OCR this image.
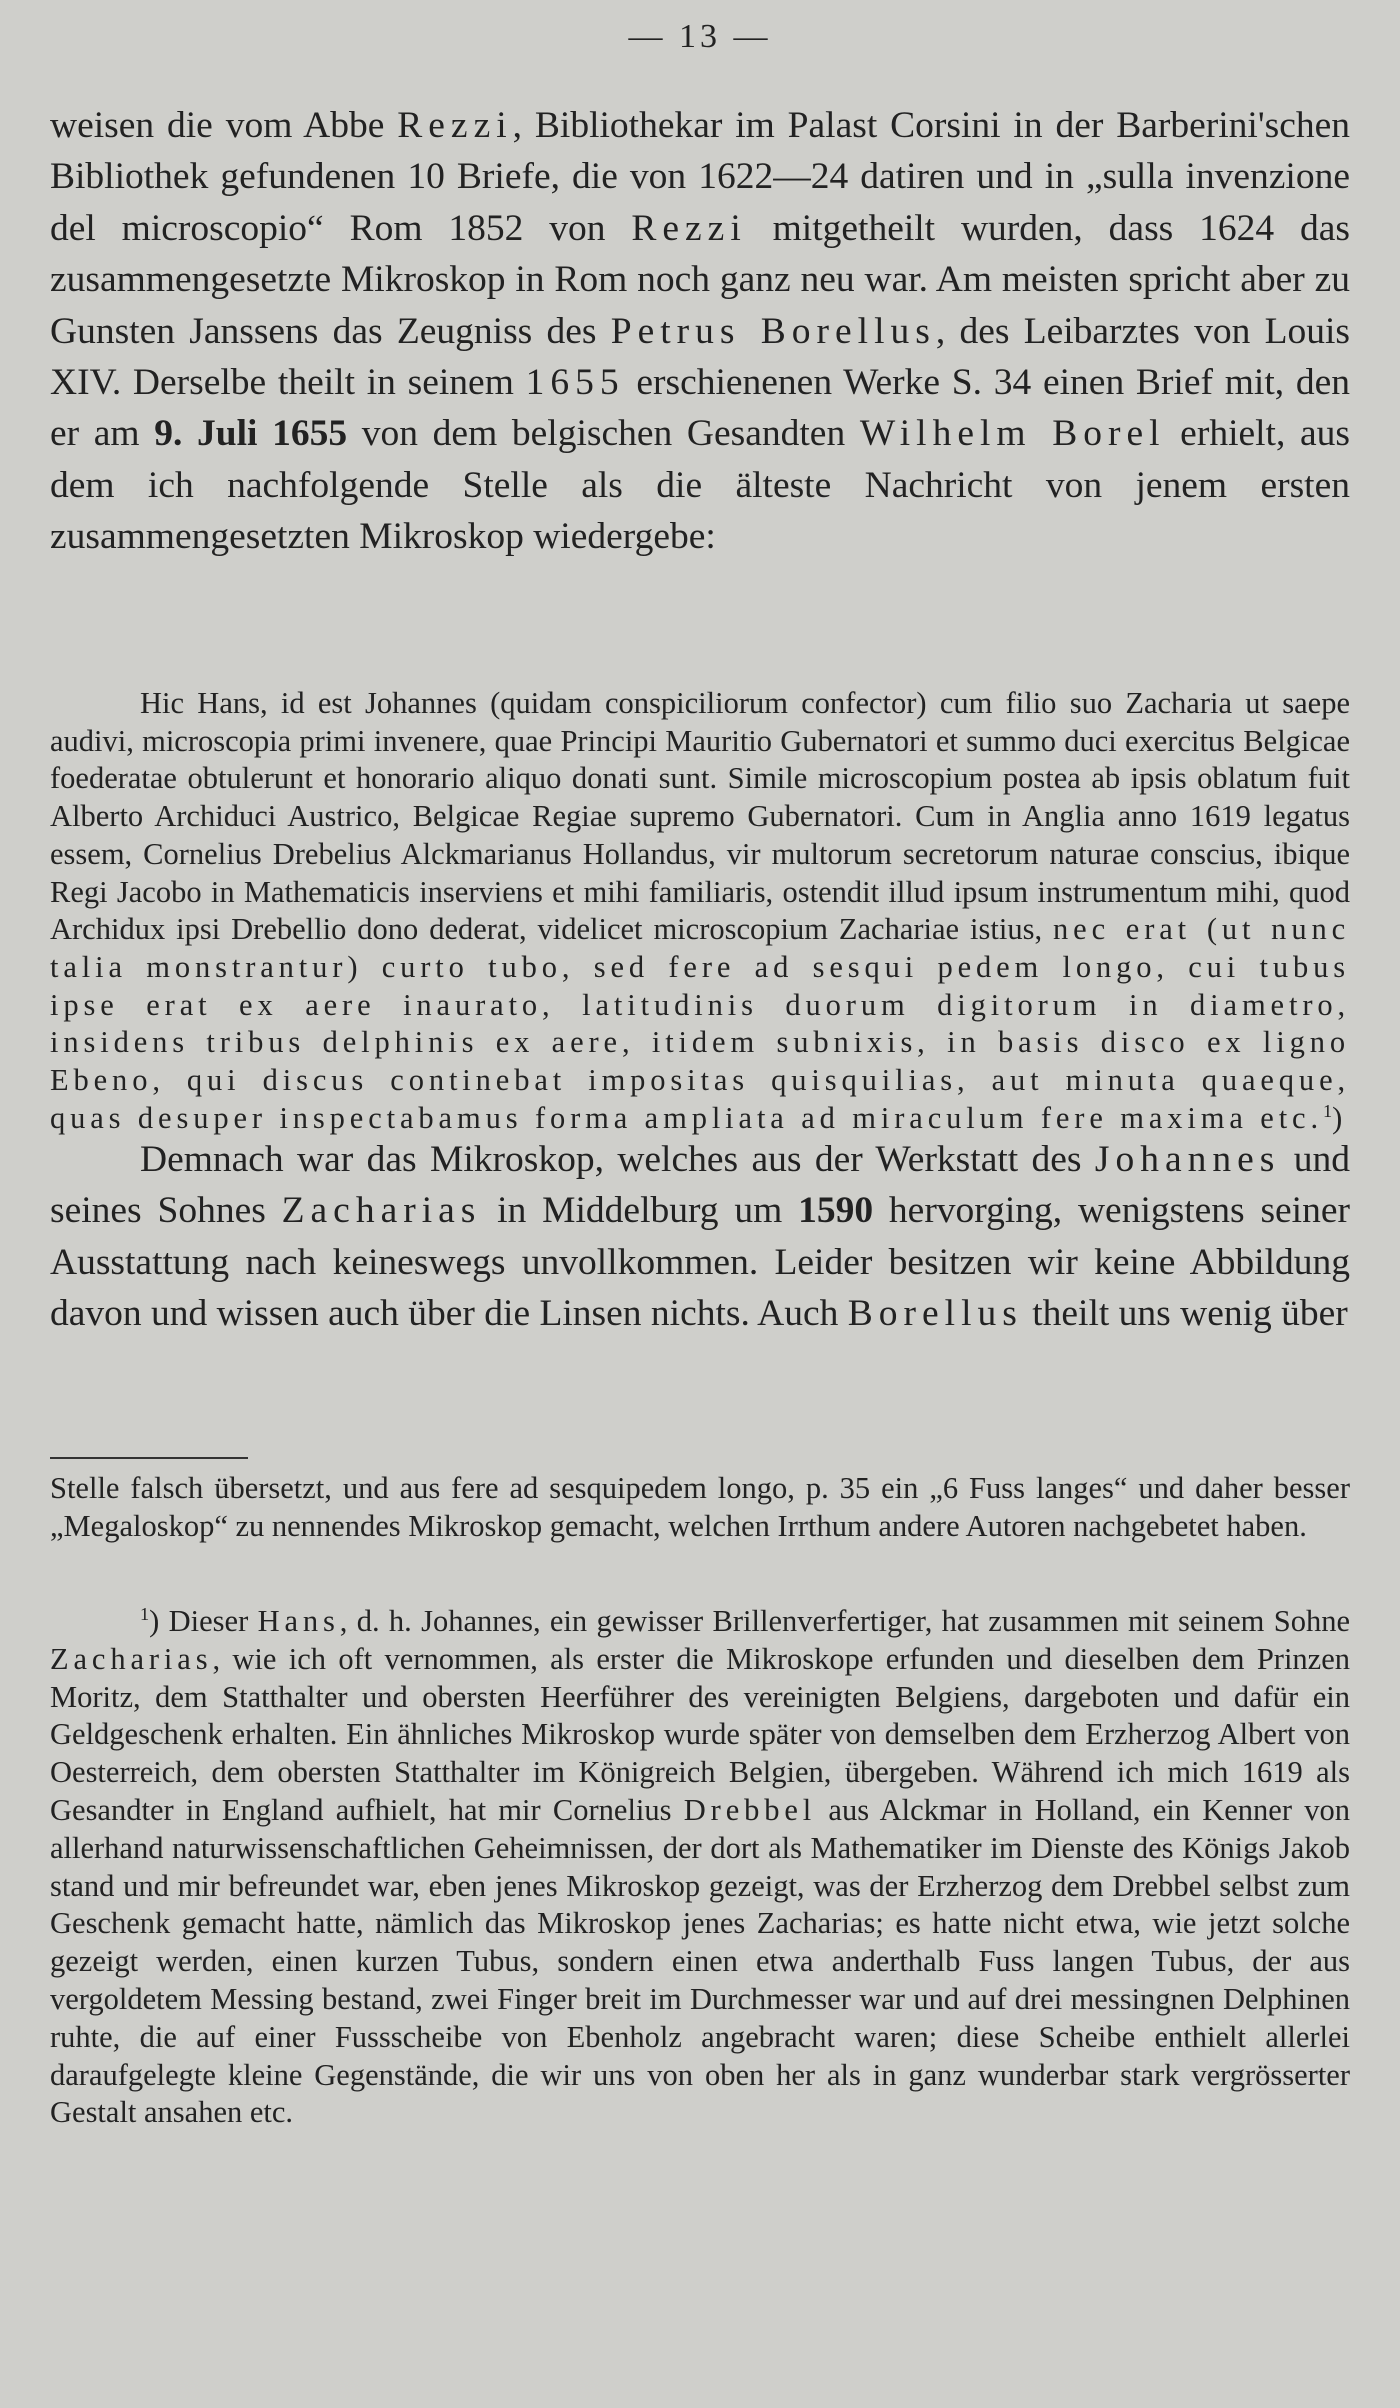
— 13 —

weisen die vom Abbe Rezzi, Bibliothekar im Palast Corsini in der Barberini'schen Bibliothek gefundenen 10 Briefe, die von 1622—24 datiren und in „sulla invenzione del microscopio“ Rom 1852 von Rezzi mitgetheilt wurden, dass 1624 das zusammengesetzte Mikroskop in Rom noch ganz neu war. Am meisten spricht aber zu Gunsten Janssens das Zeugniss des Petrus Borellus, des Leibarztes von Louis XIV. Derselbe theilt in seinem 1655 erschienenen Werke S. 34 einen Brief mit, den er am 9. Juli 1655 von dem belgischen Gesandten Wilhelm Borel erhielt, aus dem ich nachfolgende Stelle als die älteste Nachricht von jenem ersten zusammengesetzten Mikroskop wiedergebe:

Hic Hans, id est Johannes (quidam conspiciliorum confector) cum filio suo Zacharia ut saepe audivi, microscopia primi invenere, quae Principi Mauritio Gubernatori et summo duci exercitus Belgicae foederatae obtulerunt et honorario aliquo donati sunt. Simile microscopium postea ab ipsis oblatum fuit Alberto Archiduci Austrico, Belgicae Regiae supremo Gubernatori. Cum in Anglia anno 1619 legatus essem, Cornelius Drebelius Alckmarianus Hollandus, vir multorum secretorum naturae conscius, ibique Regi Jacobo in Mathematicis inserviens et mihi familiaris, ostendit illud ipsum instrumentum mihi, quod Archidux ipsi Drebellio dono dederat, videlicet microscopium Zachariae istius, nec erat (ut nunc talia monstrantur) curto tubo, sed fere ad sesqui pedem longo, cui tubus ipse erat ex aere inaurato, latitudinis duorum digitorum in diametro, insidens tribus delphinis ex aere, itidem subnixis, in basis disco ex ligno Ebeno, qui discus continebat impositas quisquilias, aut minuta quaeque, quas desuper inspectabamus forma ampliata ad miraculum fere maxima etc.$^1$)

Demnach war das Mikroskop, welches aus der Werkstatt des Johannes und seines Sohnes Zacharias in Middelburg um 1590 hervorging, wenigstens seiner Ausstattung nach keineswegs unvollkommen. Leider besitzen wir keine Abbildung davon und wissen auch über die Linsen nichts. Auch Borellus theilt uns wenig über

Stelle falsch übersetzt, und aus fere ad sesquipedem longo, p. 35 ein „6 Fuss langes“ und daher besser „Megaloskop“ zu nennendes Mikroskop gemacht, welchen Irrthum andere Autoren nachgebetet haben.

$^1$) Dieser Hans, d. h. Johannes, ein gewisser Brillenverfertiger, hat zusammen mit seinem Sohne Zacharias, wie ich oft vernommen, als erster die Mikroskope erfunden und dieselben dem Prinzen Moritz, dem Statthalter und obersten Heerführer des vereinigten Belgiens, dargeboten und dafür ein Geldgeschenk erhalten. Ein ähnliches Mikroskop wurde später von demselben dem Erzherzog Albert von Oesterreich, dem obersten Statthalter im Königreich Belgien, übergeben. Während ich mich 1619 als Gesandter in England aufhielt, hat mir Cornelius Drebbel aus Alckmar in Holland, ein Kenner von allerhand naturwissenschaftlichen Geheimnissen, der dort als Mathematiker im Dienste des Königs Jakob stand und mir befreundet war, eben jenes Mikroskop gezeigt, was der Erzherzog dem Drebbel selbst zum Geschenk gemacht hatte, nämlich das Mikroskop jenes Zacharias; es hatte nicht etwa, wie jetzt solche gezeigt werden, einen kurzen Tubus, sondern einen etwa anderthalb Fuss langen Tubus, der aus vergoldetem Messing bestand, zwei Finger breit im Durchmesser war und auf drei messingnen Delphinen ruhte, die auf einer Fussscheibe von Ebenholz angebracht waren; diese Scheibe enthielt allerlei daraufgelegte kleine Gegenstände, die wir uns von oben her als in ganz wunderbar stark vergrösserter Gestalt ansahen etc.
